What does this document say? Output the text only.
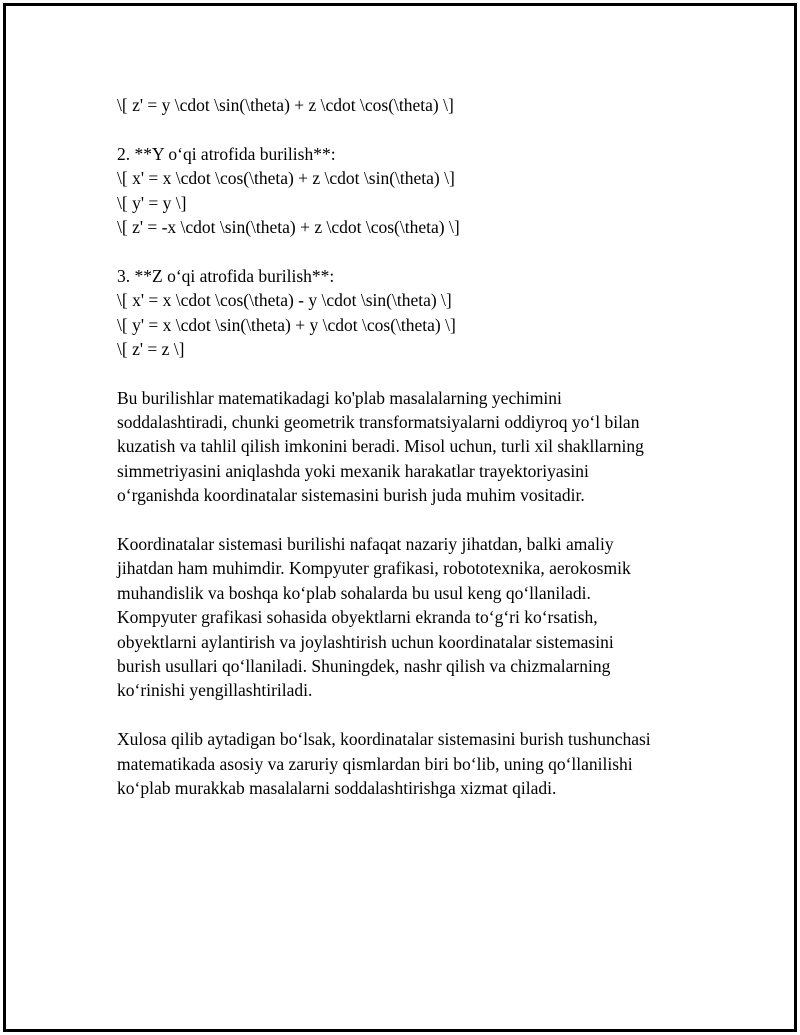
\[ z' = y \cdot \sin(\theta) + z \cdot \cos(\theta) \]
2. **Y o‘qi atrofida burilish**:
\[ x' = x \cdot \cos(\theta) + z \cdot \sin(\theta) \]
\[ y' = y \]
\[ z' = -x \cdot \sin(\theta) + z \cdot \cos(\theta) \]
3. **Z o‘qi atrofida burilish**:
\[ x' = x \cdot \cos(\theta) - y \cdot \sin(\theta) \]
\[ y' = x \cdot \sin(\theta) + y \cdot \cos(\theta) \]
\[ z' = z \]
Bu burilishlar matematikadagi ko'plab masalalarning yechimini
soddalashtiradi, chunki geometrik transformatsiyalarni oddiyroq yo‘l bilan
kuzatish va tahlil qilish imkonini beradi. Misol uchun, turli xil shakllarning
simmetriyasini aniqlashda yoki mexanik harakatlar trayektoriyasini
o‘rganishda koordinatalar sistemasini burish juda muhim vositadir.
Koordinatalar sistemasi burilishi nafaqat nazariy jihatdan, balki amaliy
jihatdan ham muhimdir. Kompyuter grafikasi, robototexnika, aerokosmik
muhandislik va boshqa ko‘plab sohalarda bu usul keng qo‘llaniladi.
Kompyuter grafikasi sohasida obyektlarni ekranda to‘g‘ri ko‘rsatish,
obyektlarni aylantirish va joylashtirish uchun koordinatalar sistemasini
burish usullari qo‘llaniladi. Shuningdek, nashr qilish va chizmalarning
ko‘rinishi yengillashtiriladi.
Xulosa qilib aytadigan bo‘lsak, koordinatalar sistemasini burish tushunchasi
matematikada asosiy va zaruriy qismlardan biri bo‘lib, uning qo‘llanilishi
ko‘plab murakkab masalalarni soddalashtirishga xizmat qiladi.
